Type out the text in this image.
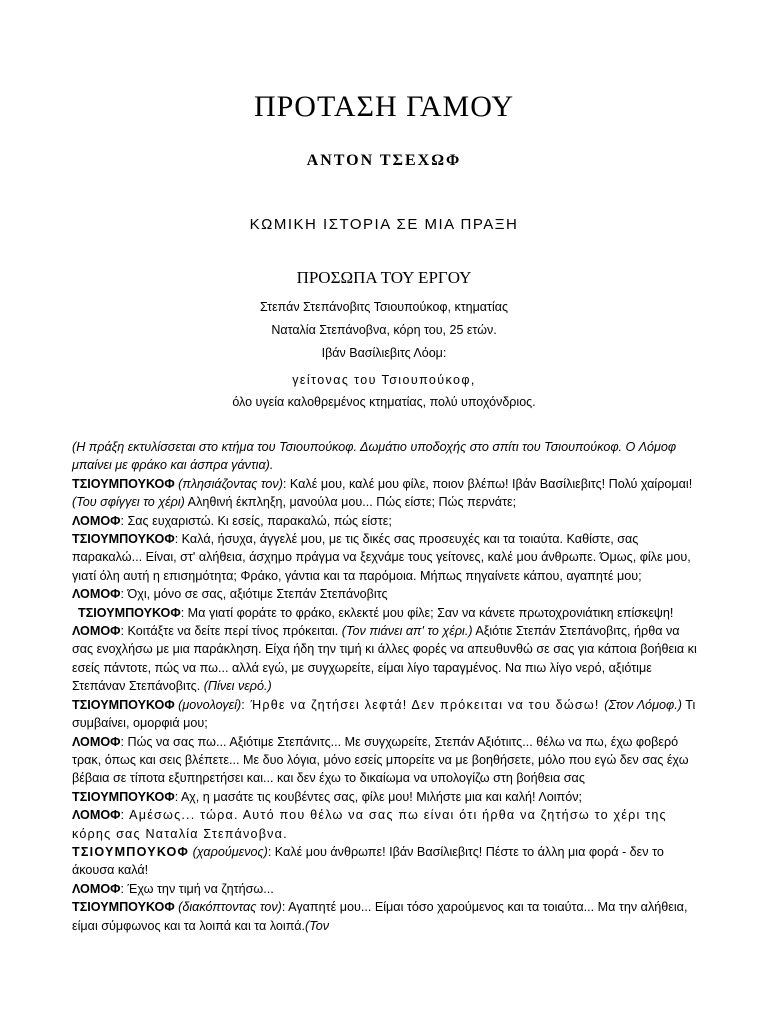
ΠΡΟΤΑΣΗ ΓΑΜΟΥ
ΑΝΤΟΝ ΤΣΕΧΩΦ
ΚΩΜΙΚΗ ΙΣΤΟΡΙΑ ΣΕ ΜΙΑ ΠΡΑΞΗ
ΠΡΟΣΩΠΑ ΤΟΥ ΕΡΓΟΥ
Στεπάν Στεπάνοβιτς Τσιουπούκοφ, κτηματίας
Ναταλία Στεπάνοβνα, κόρη του, 25 ετών.
Ιβάν Βασίλιεβιτς Λόομ:
γείτονας του Τσιουπούκοφ,
όλο υγεία καλοθρεμένος κτηματίας, πολύ υποχόνδριος.

(Η πράξη εκτυλίσσεται στο κτήμα του Τσιουπούκοφ. Δωμάτιο υποδοχής στο σπίτι του Τσιουπούκοφ. Ο Λόμοφ μπαίνει με φράκο και άσπρα γάντια).

ΤΣΙΟΥΜΠΟΥΚΟΦ (πλησιάζοντας τον): Καλέ μου, καλέ μου φίλε, ποιον βλέπω! Ιβάν Βασίλιεβιτς! Πολύ χαίρομαι!(Του σφίγγει το χέρι) Αληθινή έκπληξη, μανούλα μου... Πώς είστε; Πώς περνάτε;

ΛΟΜΟΦ: Σας ευχαριστώ. Κι εσείς, παρακαλώ, πώς είστε;

ΤΣΙΟΥΜΠΟΥΚΟΦ: Καλά, ήσυχα, άγγελέ μου, με τις δικές σας προσευχές και τα τοιαύτα. Καθίστε, σας παρακαλώ... Είναι, στ' αλήθεια, άσχημο πράγμα να ξεχνάμε τους γείτονες, καλέ μου άνθρωπε. Όμως, φίλε μου, γιατί όλη αυτή η επισημότητα; Φράκο, γάντια και τα παρόμοια. Μήπως πηγαίνετε κάπου, αγαπητέ μου;

ΛΟΜΟΦ: Όχι, μόνο σε σας, αξιότιμε Στεπάν Στεπάνοβιτς

ΤΣΙΟΥΜΠΟΥΚΟΦ: Μα γιατί φοράτε το φράκο, εκλεκτέ μου φίλε; Σαν να κάνετε πρωτοχρονιάτικη επίσκεψη!

ΛΟΜΟΦ: Κοιτάξτε να δείτε περί τίνος πρόκειται. (Τον πιάνει απ' το χέρι.) Αξιότιε Στεπάν Στεπάνοβιτς, ήρθα να σας ενοχλήσω με μια παράκληση. Είχα ήδη την τιμή κι άλλες φορές να απευθυνθώ σε σας για κάποια βοήθεια κι εσείς πάντοτε, πώς να πω... αλλά εγώ, με συγχωρείτε, είμαι λίγο ταραγμένος. Να πιω λίγο νερό, αξιότιμε Στεπάναν Στεπάνοβιτς. (Πίνει νερό.)

ΤΣΙΟΥΜΠΟΥΚΟΦ (μονολογεί): Ήρθε να ζητήσει λεφτά! Δεν πρόκειται να του δώσω! (Στον Λόμοφ.) Τι συμβαίνει, ομορφιά μου;

ΛΟΜΟΦ: Πώς να σας πω... Αξιότιμε Στεπάνιτς... Με συγχωρείτε, Στεπάν Αξιότιιτς... θέλω να πω, έχω φοβερό τρακ, όπως και σεις βλέπετε... Με δυο λόγια, μόνο εσείς μπορείτε να με βοηθήσετε, μόλο που εγώ δεν σας έχω βέβαια σε τίποτα εξυπηρετήσει και... και δεν έχω το δικαίωμα να υπολογίζω στη βοήθεια σας

ΤΣΙΟΥΜΠΟΥΚΟΦ: Αχ, η μασάτε τις κουβέντες σας, φίλε μου! Μιλήστε μια και καλή! Λοιπόν;

ΛΟΜΟΦ: Αμέσως... τώρα. Αυτό που θέλω να σας πω είναι ότι ήρθα να ζητήσω το χέρι της κόρης σας Ναταλία Στεπάνοβνα.

ΤΣΙΟΥΜΠΟΥΚΟΦ (χαρούμενος): Καλέ μου άνθρωπε! Ιβάν Βασίλιεβιτς! Πέστε το άλλη μια φορά - δεν το άκουσα καλά!

ΛΟΜΟΦ: Έχω την τιμή να ζητήσω...

ΤΣΙΟΥΜΠΟΥΚΟΦ (διακόπτοντας τον): Αγαπητέ μου... Είμαι τόσο χαρούμενος και τα τοιαύτα... Μα την αλήθεια, είμαι σύμφωνος και τα λοιπά και τα λοιπά.(Τον
